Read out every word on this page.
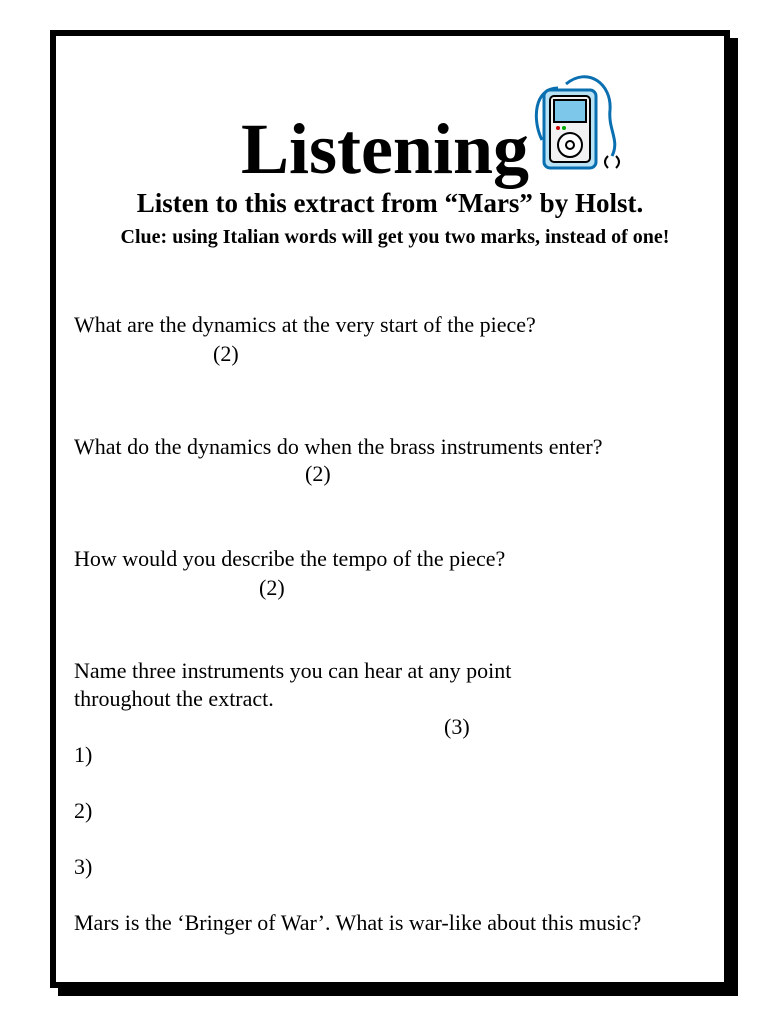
Listening
Listen to this extract from “Mars” by Holst.
Clue: using Italian words will get you two marks, instead of one!
What are the dynamics at the very start of the piece?
(2)
What do the dynamics do when the brass instruments enter?
(2)
How would you describe the tempo of the piece?
(2)
Name three instruments you can hear at any point throughout the extract.
(3)
1)
2)
3)
Mars is the ‘Bringer of War’. What is war-like about this music?
